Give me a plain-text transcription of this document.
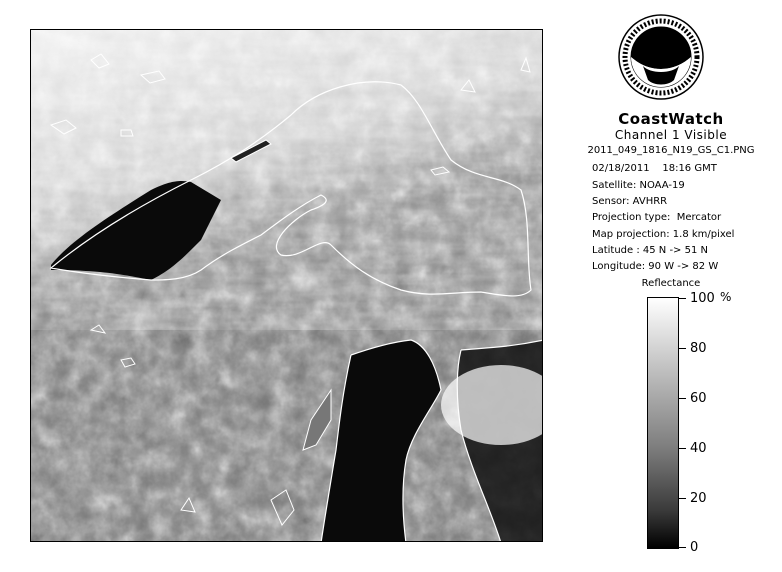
CoastWatch
Channel 1 Visible
2011_049_1816_N19_GS_C1.PNG
02/18/2011    18:16 GMT
Satellite: NOAA-19
Sensor: AVHRR
Projection type:  Mercator
Map projection: 1.8 km/pixel
Latitude : 45 N -> 51 N
Longitude: 90 W -> 82 W
Reflectance
%
100
80
60
40
20
0
